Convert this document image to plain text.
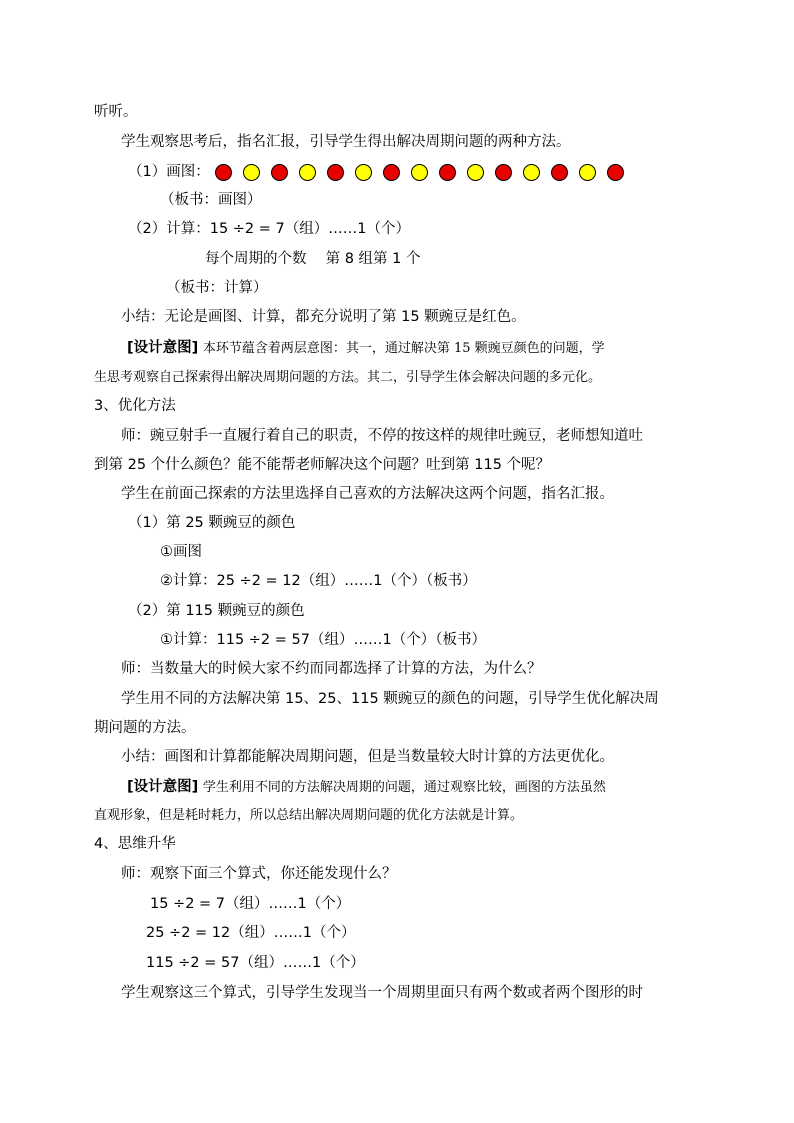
听听。
学生观察思考后，指名汇报，引导学生得出解决周期问题的两种方法。
（1）画图：
（板书：画图）
（2）计算：15 ÷2 = 7（组）……1（个）
每个周期的个数　 第 8 组第 1 个
（板书：计算）
小结：无论是画图、计算，都充分说明了第 15 颗豌豆是红色。
[设计意图] 本环节蕴含着两层意图：其一，通过解决第 15 颗豌豆颜色的问题，学
生思考观察自己探索得出解决周期问题的方法。其二，引导学生体会解决问题的多元化。
3、优化方法
师：豌豆射手一直履行着自己的职责，不停的按这样的规律吐豌豆，老师想知道吐
到第 25 个什么颜色？能不能帮老师解决这个问题？吐到第 115 个呢？
学生在前面己探索的方法里选择自己喜欢的方法解决这两个问题，指名汇报。
（1）第 25 颗豌豆的颜色
①画图
②计算：25 ÷2 = 12（组）……1（个）（板书）
（2）第 115 颗豌豆的颜色
①计算：115 ÷2 = 57（组）……1（个）（板书）
师：当数量大的时候大家不约而同都选择了计算的方法，为什么？
学生用不同的方法解决第 15、25、115 颗豌豆的颜色的问题，引导学生优化解决周
期问题的方法。
小结：画图和计算都能解决周期问题，但是当数量较大时计算的方法更优化。
[设计意图] 学生利用不同的方法解决周期的问题，通过观察比较，画图的方法虽然
直观形象，但是耗时耗力，所以总结出解决周期问题的优化方法就是计算。
4、思维升华
师：观察下面三个算式，你还能发现什么？
15 ÷2 = 7（组）……1（个）
25 ÷2 = 12（组）……1（个）
115 ÷2 = 57（组）……1（个）
学生观察这三个算式，引导学生发现当一个周期里面只有两个数或者两个图形的时
